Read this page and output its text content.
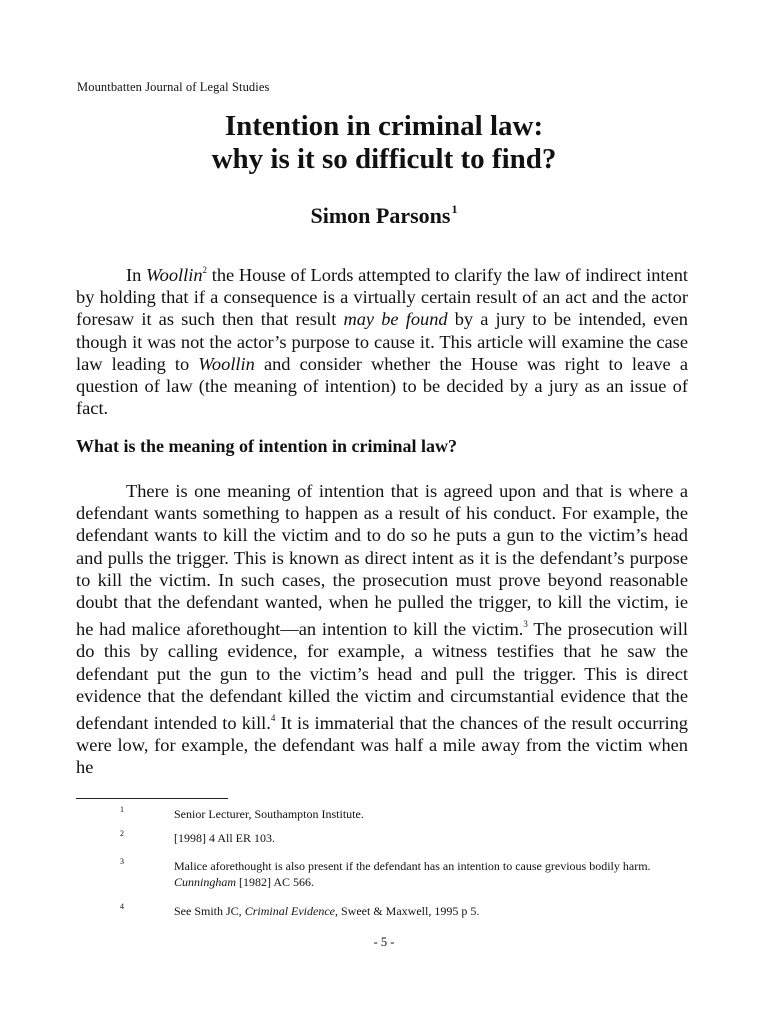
Mountbatten Journal of Legal Studies
Intention in criminal law:
why is it so difficult to find?
Simon Parsons$^1$
In Woollin$^2$ the House of Lords attempted to clarify the law of indirect intent by holding that if a consequence is a virtually certain result of an act and the actor foresaw it as such then that result may be found by a jury to be intended, even though it was not the actor’s purpose to cause it. This article will examine the case law leading to Woollin and consider whether the House was right to leave a question of law (the meaning of intention) to be decided by a jury as an issue of fact.
What is the meaning of intention in criminal law?
There is one meaning of intention that is agreed upon and that is where a defendant wants something to happen as a result of his conduct. For example, the defendant wants to kill the victim and to do so he puts a gun to the victim’s head and pulls the trigger. This is known as direct intent as it is the defendant’s purpose to kill the victim. In such cases, the prosecution must prove beyond reasonable doubt that the defendant wanted, when he pulled the trigger, to kill the victim, ie he had malice aforethought—an intention to kill the victim.$^3$ The prosecution will do this by calling evidence, for example, a witness testifies that he saw the defendant put the gun to the victim’s head and pull the trigger. This is direct evidence that the defendant killed the victim and circumstantial evidence that the defendant intended to kill.$^4$ It is immaterial that the chances of the result occurring were low, for example, the defendant was half a mile away from the victim when he
1	Senior Lecturer, Southampton Institute.
2	[1998] 4 All ER 103.
3	Malice aforethought is also present if the defendant has an intention to cause grevious bodily harm. Cunningham [1982] AC 566.
4	See Smith JC, Criminal Evidence, Sweet & Maxwell, 1995 p 5.
- 5 -
